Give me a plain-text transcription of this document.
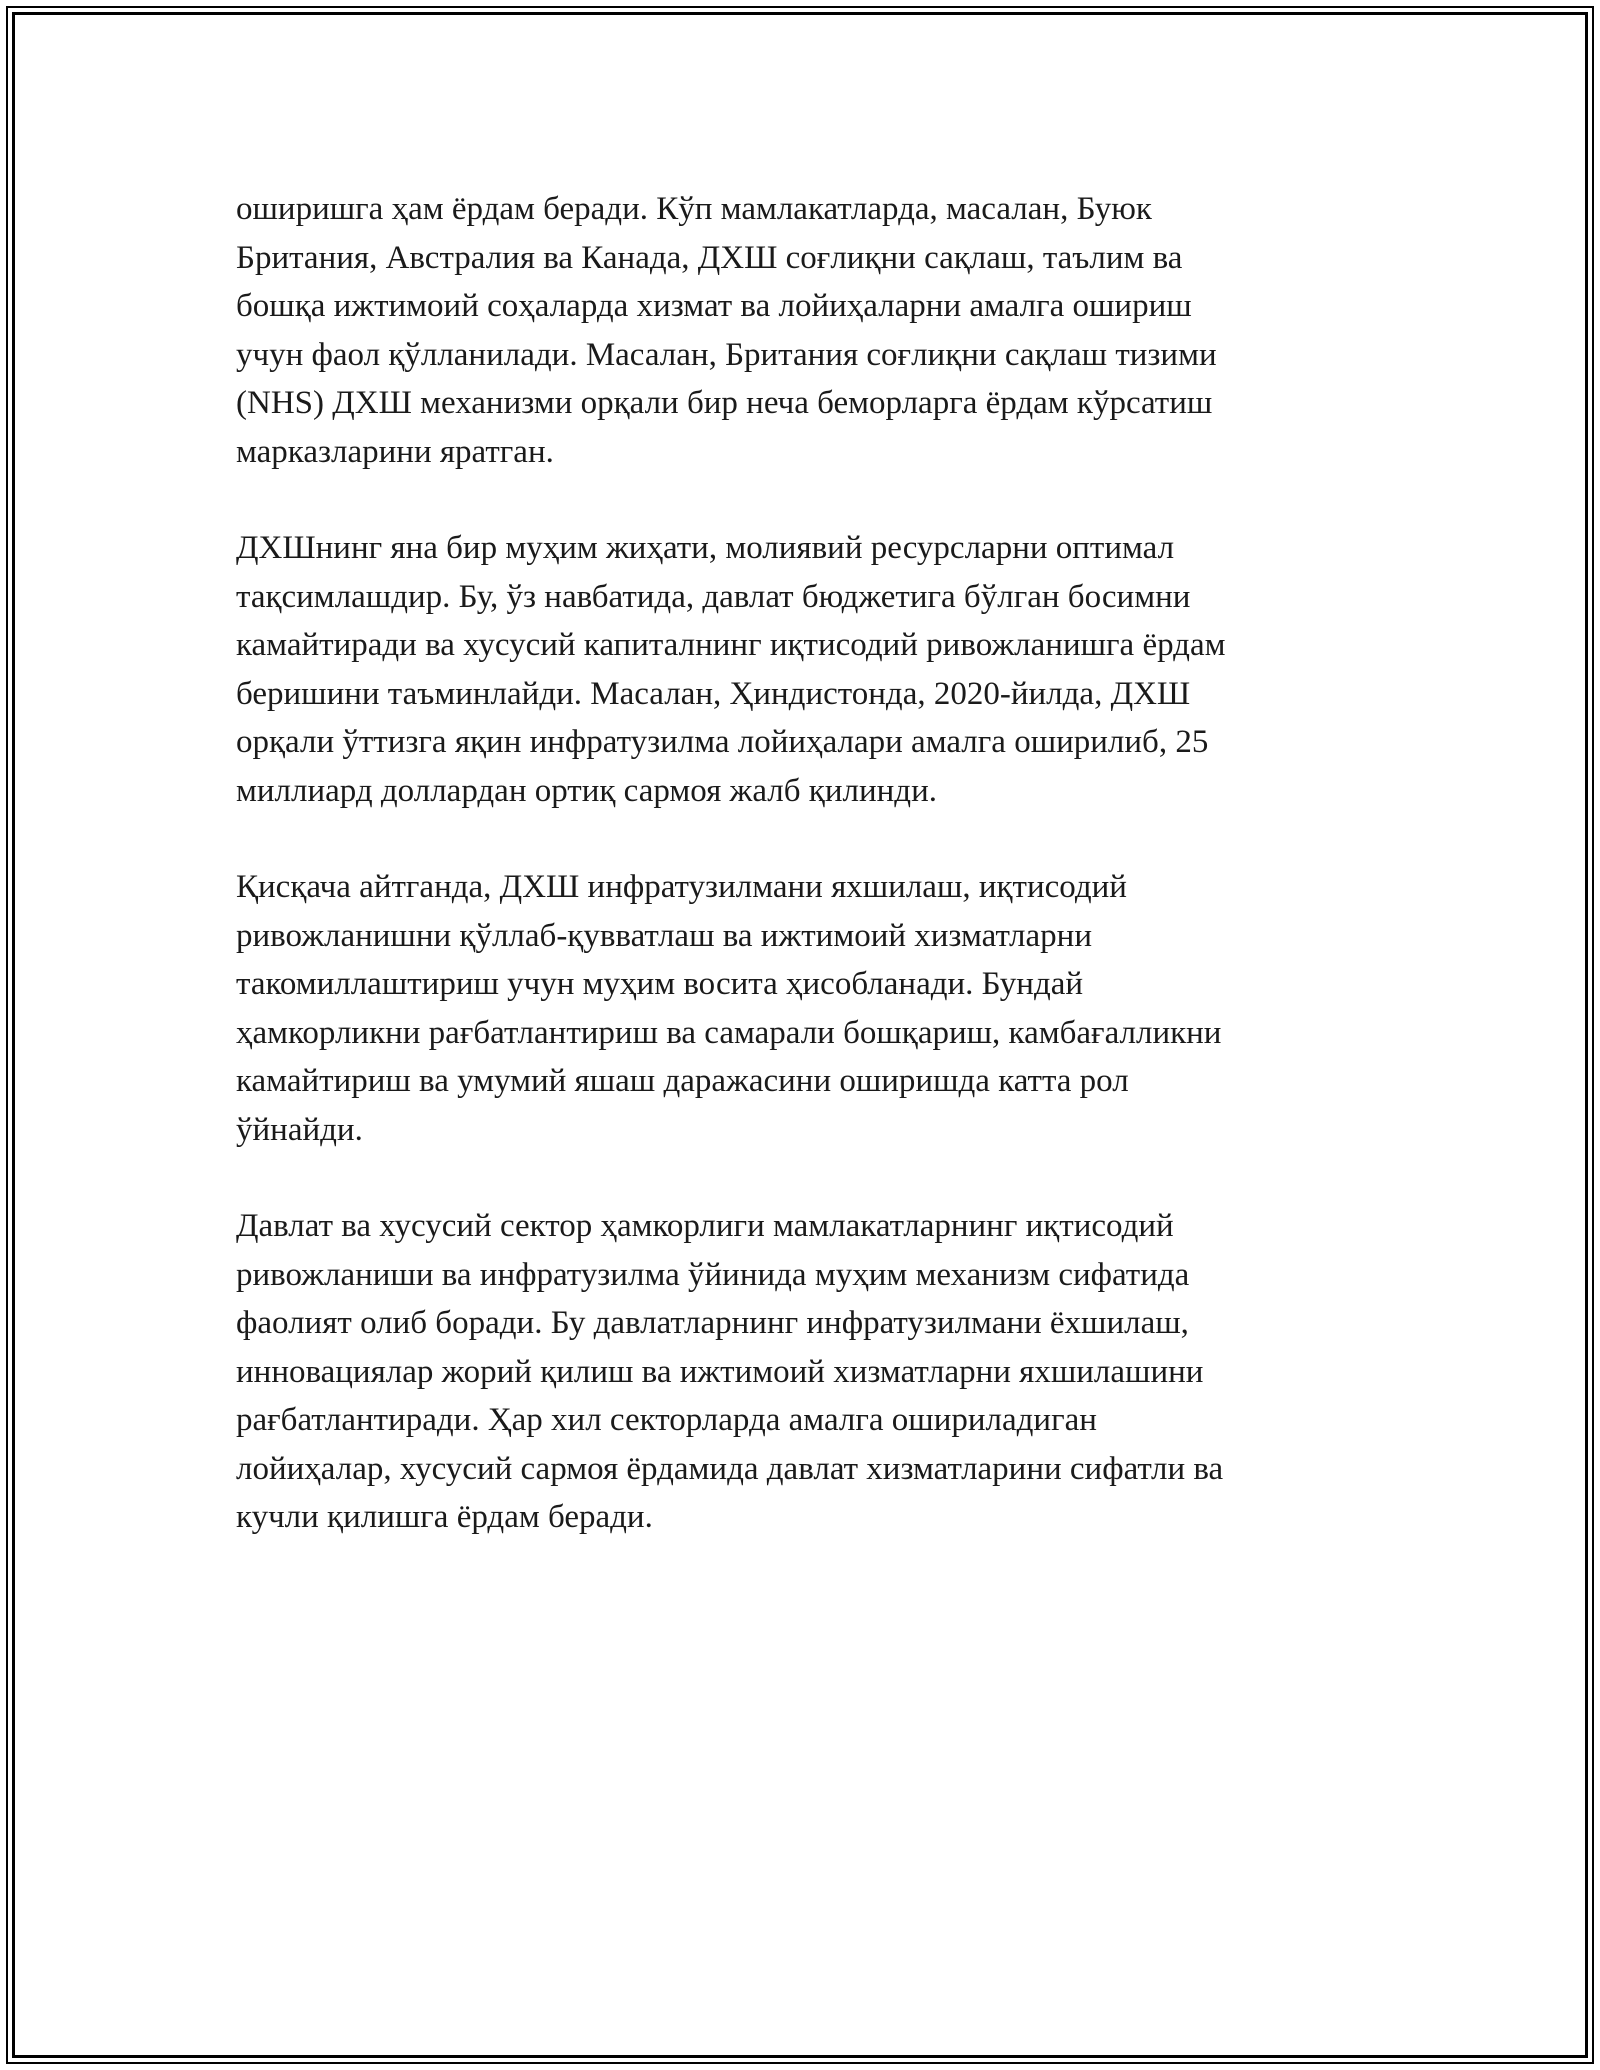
оширишга ҳам ёрдам беради. Кўп мамлакатларда, масалан, Буюк
Британия, Австралия ва Канада, ДХШ соғлиқни сақлаш, таълим ва
бошқа ижтимоий соҳаларда хизмат ва лойиҳаларни амалга ошириш
учун фаол қўлланилади. Масалан, Британия соғлиқни сақлаш тизими
(NHS) ДХШ механизми орқали бир неча беморларга ёрдам кўрсатиш
марказларини яратган.

ДХШнинг яна бир муҳим жиҳати, молиявий ресурсларни оптимал
тақсимлашдир. Бу, ўз навбатида, давлат бюджетига бўлган босимни
камайтиради ва хусусий капиталнинг иқтисодий ривожланишга ёрдам
беришини таъминлайди. Масалан, Ҳиндистонда, 2020-йилда, ДХШ
орқали ўттизга яқин инфратузилма лойиҳалари амалга оширилиб, 25
миллиард доллардан ортиқ сармоя жалб қилинди.

Қисқача айтганда, ДХШ инфратузилмани яхшилаш, иқтисодий
ривожланишни қўллаб-қувватлаш ва ижтимоий хизматларни
такомиллаштириш учун муҳим восита ҳисобланади. Бундай
ҳамкорликни рағбатлантириш ва самарали бошқариш, камбағалликни
камайтириш ва умумий яшаш даражасини оширишда катта рол
ўйнайди.

Давлат ва хусусий сектор ҳамкорлиги мамлакатларнинг иқтисодий
ривожланиши ва инфратузилма ўйинида муҳим механизм сифатида
фаолият олиб боради. Бу давлатларнинг инфратузилмани ёхшилаш,
инновациялар жорий қилиш ва ижтимоий хизматларни яхшилашини
рағбатлантиради. Ҳар хил секторларда амалга ошириладиган
лойиҳалар, хусусий сармоя ёрдамида давлат хизматларини сифатли ва
кучли қилишга ёрдам беради.
